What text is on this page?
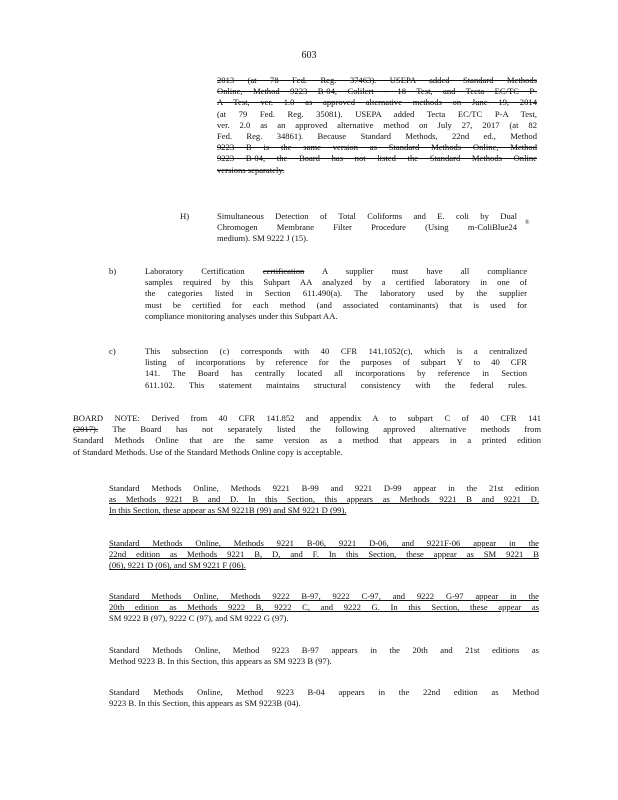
603
2013 (at 78 Fed. Reg. 37463). USEPA added Standard Methods
Online, Method 9223 B-04, Colilert - 18 Test, and Tecta EC/TC P-
A Test, ver. 1.0 as approved alternative methods on June 19, 2014
(at 79 Fed. Reg. 35081). USEPA added Tecta EC/TC P-A Test,
ver. 2.0 as an approved alternative method on July 27, 2017 (at 82
Fed. Reg. 34861). Because Standard Methods, 22nd ed., Method
9223 B is the same version as Standard Methods Online, Method
9223 B-04, the Board has not listed the Standard Methods Online
versions separately.
H)	Simultaneous Detection of Total Coliforms and E. coli by Dual
Chromogen Membrane Filter Procedure (Using m-ColiBlue24 ®
medium). SM 9222 J (15).
b)	Laboratory Certification certification A supplier must have all compliance
samples required by this Subpart AA analyzed by a certified laboratory in one of
the categories listed in Section 611.490(a). The laboratory used by the supplier
must be certified for each method (and associated contaminants) that is used for
compliance monitoring analyses under this Subpart AA.
c)	This subsection (c) corresponds with 40 CFR 141.1052(c), which is a centralized
listing of incorporations by reference for the purposes of subpart Y to 40 CFR
141. The Board has centrally located all incorporations by reference in Section
611.102. This statement maintains structural consistency with the federal rules.
BOARD NOTE: Derived from 40 CFR 141.852 and appendix A to subpart C of 40 CFR 141
(2017). The Board has not separately listed the following approved alternative methods from
Standard Methods Online that are the same version as a method that appears in a printed edition
of Standard Methods. Use of the Standard Methods Online copy is acceptable.
Standard Methods Online, Methods 9221 B-99 and 9221 D-99 appear in the 21st edition
as Methods 9221 B and D. In this Section, this appears as Methods 9221 B and 9221 D.
In this Section, these appear as SM 9221B (99) and SM 9221 D (99).
Standard Methods Online, Methods 9221 B-06, 9221 D-06, and 9221F-06 appear in the
22nd edition as Methods 9221 B, D, and F. In this Section, these appear as SM 9221 B
(06), 9221 D (06), and SM 9221 F (06).
Standard Methods Online, Methods 9222 B-97, 9222 C-97, and 9222 G-97 appear in the
20th edition as Methods 9222 B, 9222 C, and 9222 G. In this Section, these appear as
SM 9222 B (97), 9222 C (97), and SM 9222 G (97).
Standard Methods Online, Method 9223 B-97 appears in the 20th and 21st editions as
Method 9223 B. In this Section, this appears as SM 9223 B (97).
Standard Methods Online, Method 9223 B-04 appears in the 22nd edition as Method
9223 B. In this Section, this appears as SM 9223B (04).
